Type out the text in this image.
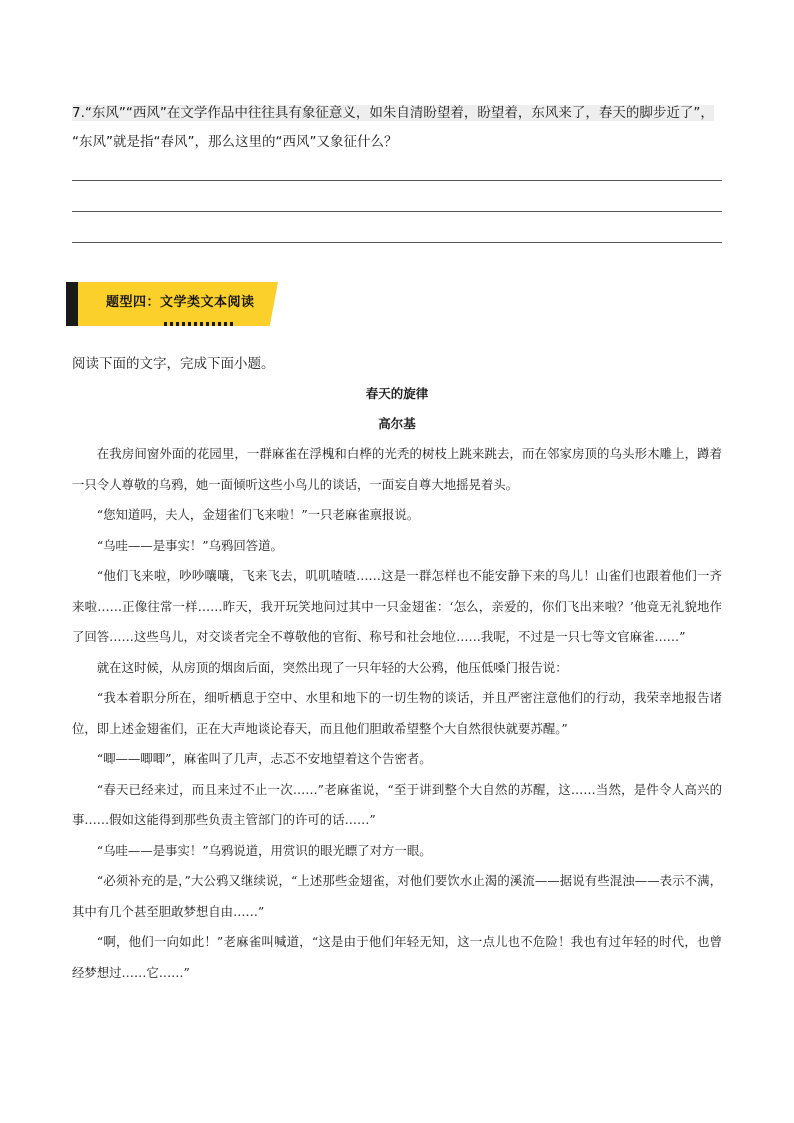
7.“东风”“西风”在文学作品中往往具有象征意义，如朱自清盼望着，盼望着，东风来了，春天的脚步近了”，
“东风”就是指“春风”，那么这里的“西风”又象征什么？
题型四：文学类文本阅读
阅读下面的文字，完成下面小题。
春天的旋律
高尔基

在我房间窗外面的花园里，一群麻雀在浮槐和白桦的光秃的树枝上跳来跳去，而在邻家房顶的乌头形木雕上，蹲着一只令人尊敬的乌鸦，她一面倾听这些小鸟儿的谈话，一面妄自尊大地摇晃着头。

“您知道吗，夫人，金翅雀们飞来啦！”一只老麻雀禀报说。

“乌哇——是事实！”乌鸦回答道。

“他们飞来啦，吵吵嚷嚷，飞来飞去，叽叽喳喳……这是一群怎样也不能安静下来的鸟儿！山雀们也跟着他们一齐来啦……正像往常一样……昨天，我开玩笑地问过其中一只金翅雀：‘怎么，亲爱的，你们飞出来啦？’他竟无礼貌地作了回答……这些鸟儿，对交谈者完全不尊敬他的官衔、称号和社会地位……我呢，不过是一只七等文官麻雀……”

就在这时候，从房顶的烟囱后面，突然出现了一只年轻的大公鸦，他压低嗓门报告说：

“我本着职分所在，细听栖息于空中、水里和地下的一切生物的谈话，并且严密注意他们的行动，我荣幸地报告诸位，即上述金翅雀们，正在大声地谈论春天，而且他们胆敢希望整个大自然很快就要苏醒。”

“唧——唧唧”，麻雀叫了几声，忐忑不安地望着这个告密者。

“春天已经来过，而且来过不止一次……”老麻雀说，“至于讲到整个大自然的苏醒，这……当然，是件令人高兴的事……假如这能得到那些负责主管部门的许可的话……”

“乌哇——是事实！”乌鸦说道，用赏识的眼光瞟了对方一眼。

“必须补充的是，”大公鸦又继续说，“上述那些金翅雀，对他们要饮水止渴的溪流——据说有些混浊——表示不满，其中有几个甚至胆敢梦想自由……”

“啊，他们一向如此！”老麻雀叫喊道，“这是由于他们年轻无知，这一点儿也不危险！我也有过年轻的时代，也曾经梦想过……它……”
